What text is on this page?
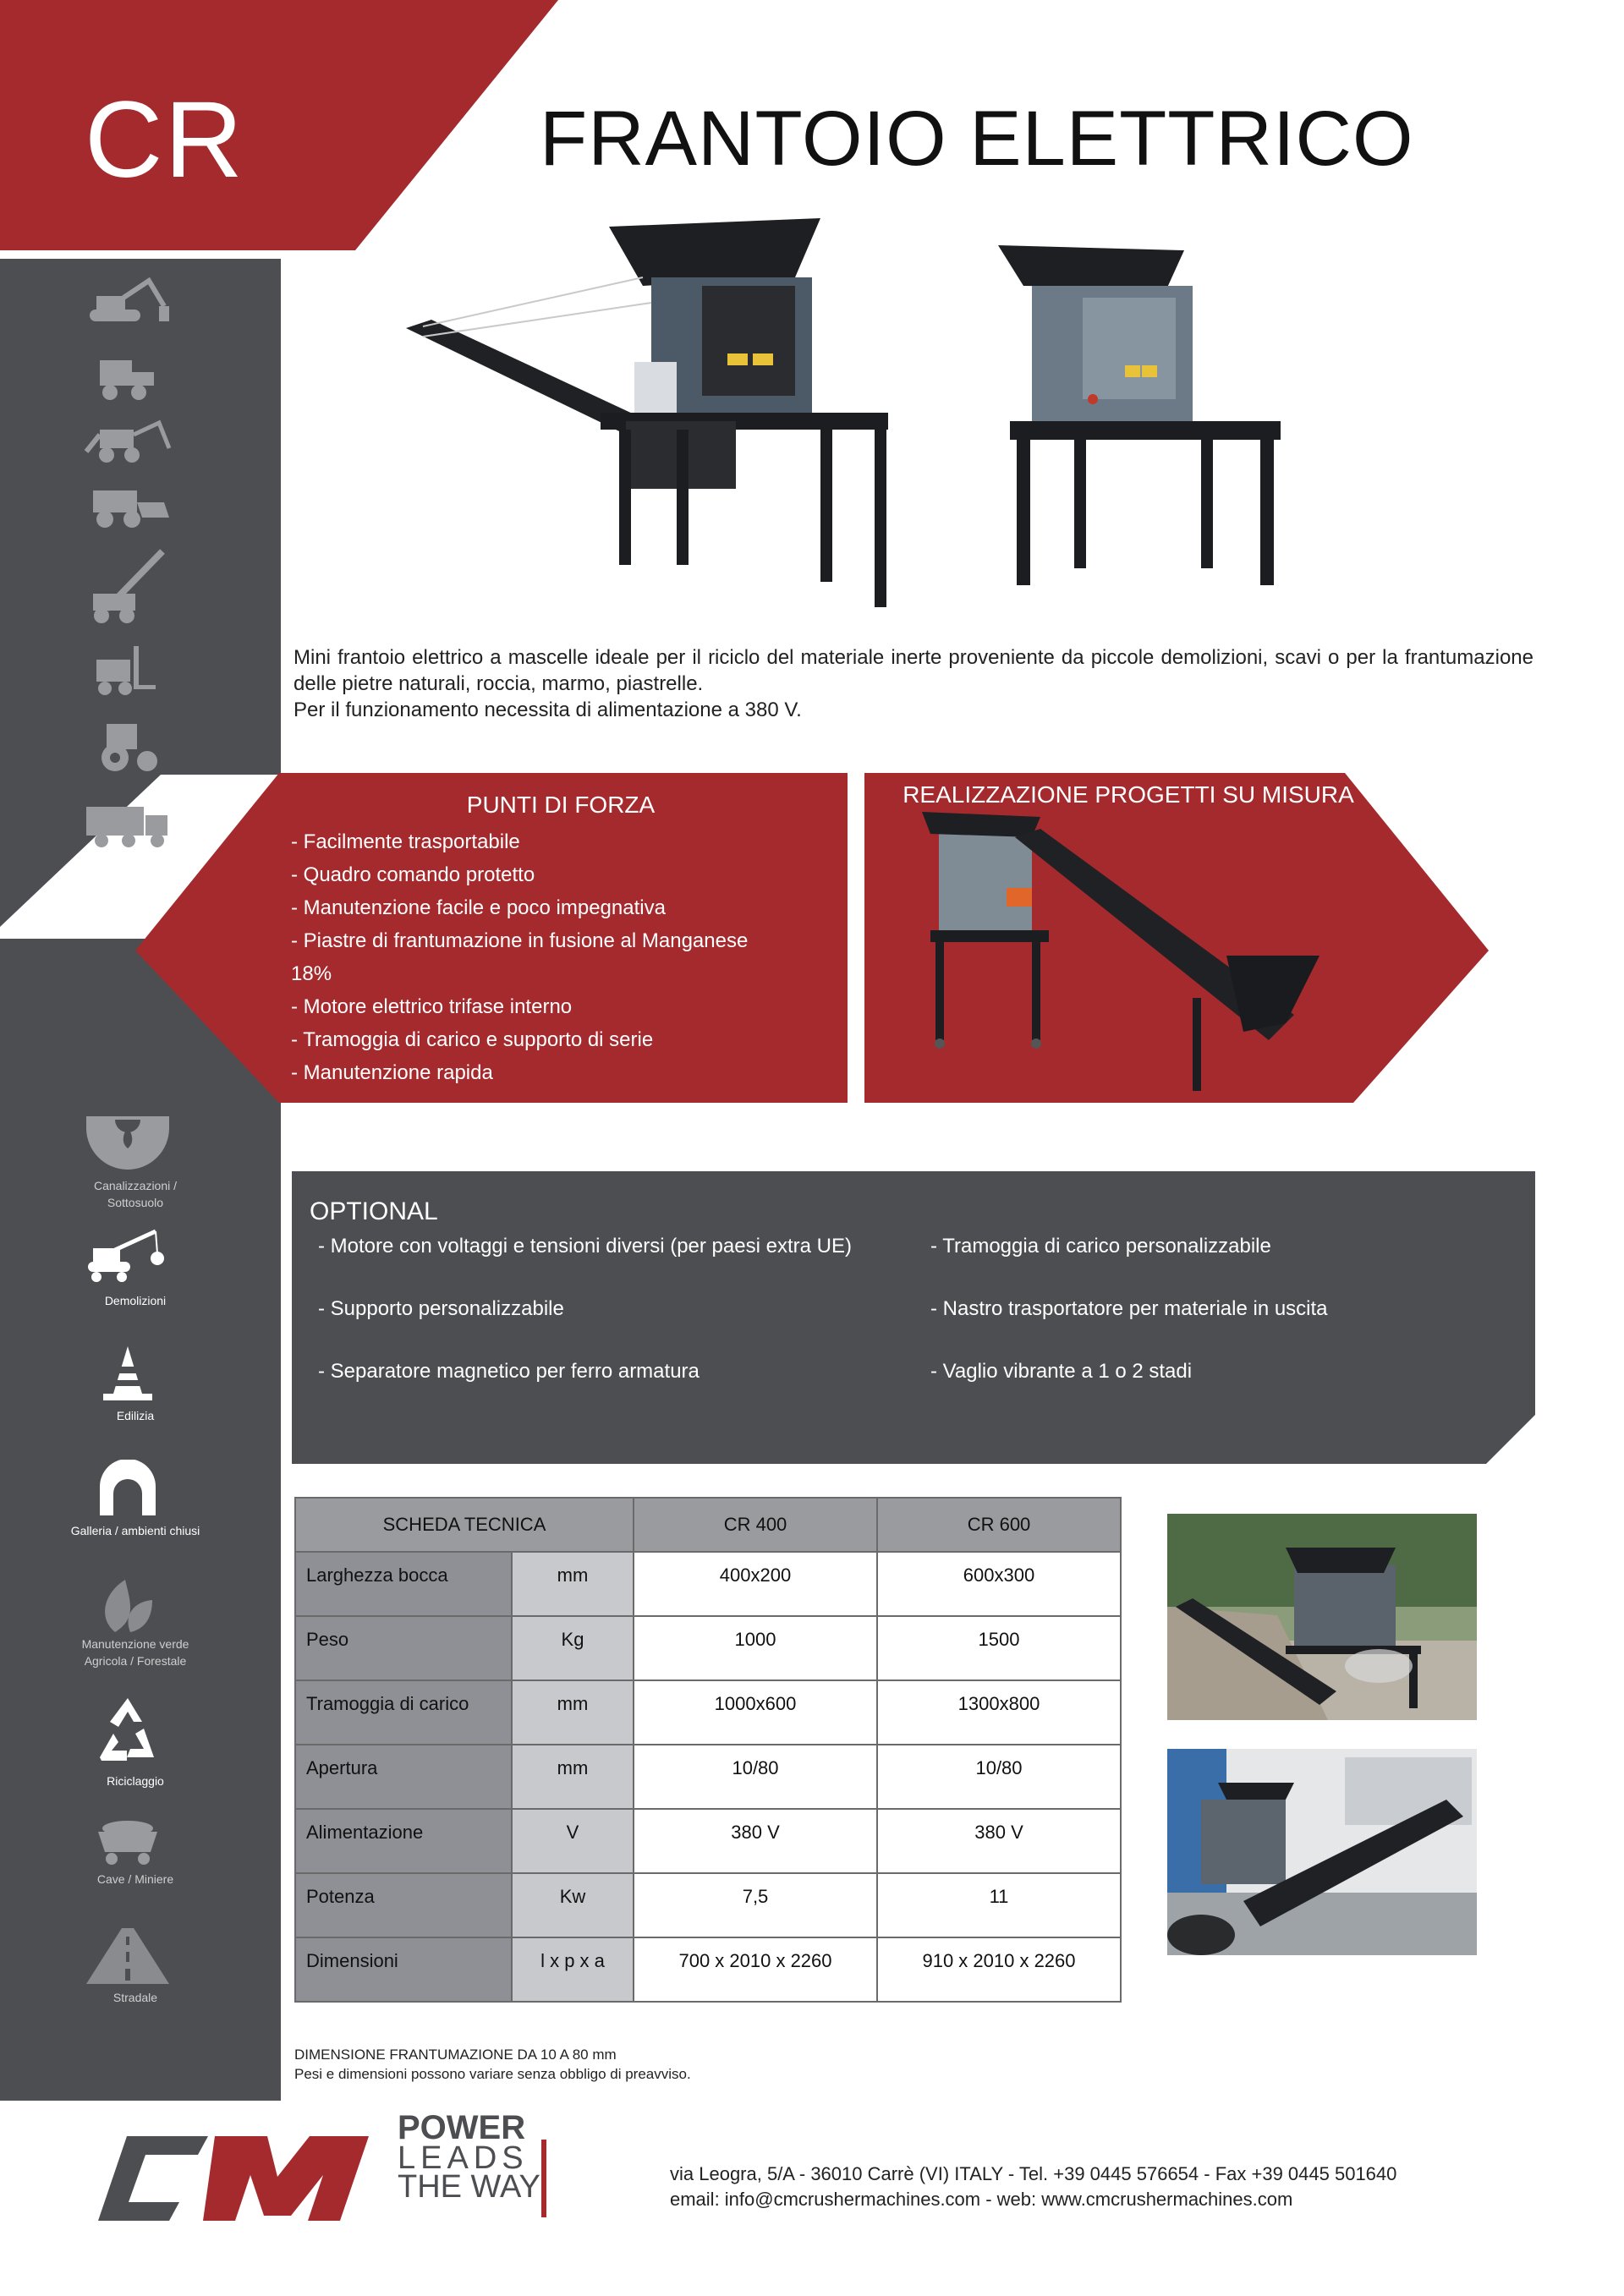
CR	FRANTOIO ELETTRICO
Canalizzazioni /
Sottosuolo
Demolizioni
Edilizia
Galleria / ambienti chiusi
Manutenzione verde
Agricola / Forestale
Riciclaggio
Cave / Miniere
Stradale

Mini frantoio elettrico a mascelle ideale per il riciclo del materiale inerte proveniente da piccole demolizioni, scavi o per la frantumazione delle pietre naturali, roccia, marmo, piastrelle.

Per il funzionamento necessita di alimentazione a 380 V.

PUNTI DI FORZA
- Facilmente trasportabile
- Quadro comando protetto
- Manutenzione facile e poco impegnativa
- Piastre di frantumazione in fusione al Manganese
18%
- Motore elettrico trifase interno
- Tramoggia di carico e supporto di serie
- Manutenzione rapida
REALIZZAZIONE PROGETTI SU MISURA
OPTIONAL
- Motore con voltaggi e tensioni diversi (per paesi extra UE)
- Supporto personalizzabile
- Separatore magnetico per ferro armatura
- Tramoggia di carico personalizzabile
- Nastro trasportatore per materiale in uscita
- Vaglio vibrante a 1 o 2 stadi
SCHEDA TECNICA		CR 400	CR 600
Larghezza bocca	mm	400x200	600x300
Peso	Kg	1000	1500
Tramoggia di carico	mm	1000x600	1300x800
Apertura	mm	10/80	10/80
Alimentazione	V	380 V	380 V
Potenza	Kw	7,5	11
Dimensioni	l x p x a	700 x 2010 x 2260	910 x 2010 x 2260
DIMENSIONE FRANTUMAZIONE DA 10 A 80 mm
Pesi e dimensioni possono variare senza obbligo di preavviso.
POWER
LEADS
THE WAY	via Leogra, 5/A - 36010 Carrè (VI) ITALY - Tel. +39 0445 576654 - Fax +39 0445 501640
email: info@cmcrushermachines.com - web: www.cmcrushermachines.com
